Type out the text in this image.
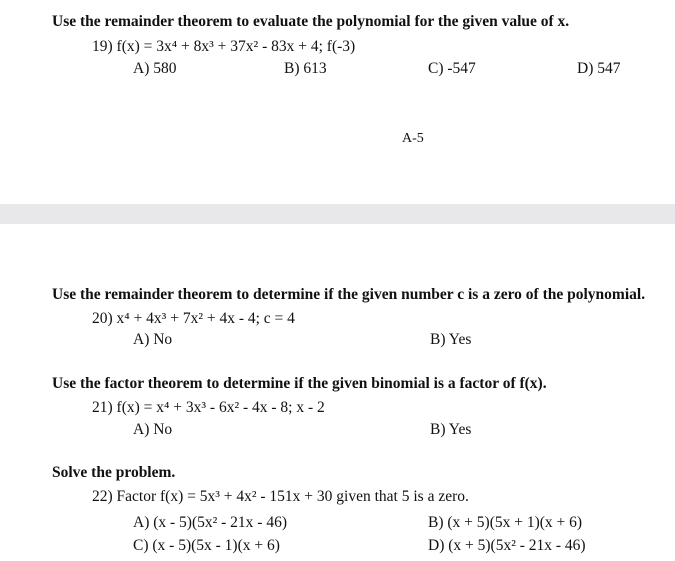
Use the remainder theorem to evaluate the polynomial for the given value of x.
19) f(x) = 3x⁴ + 8x³ + 37x² - 83x + 4; f(-3)
A) 580	B) 613	C) -547	D) 547
A-5
Use the remainder theorem to determine if the given number c is a zero of the polynomial.
20) x⁴ + 4x³ + 7x² + 4x - 4; c = 4
A) No	B) Yes
Use the factor theorem to determine if the given binomial is a factor of f(x).
21) f(x) = x⁴ + 3x³ - 6x² - 4x - 8; x - 2
A) No	B) Yes
Solve the problem.
22) Factor f(x) = 5x³ + 4x² - 151x + 30 given that 5 is a zero.
A) (x - 5)(5x² - 21x - 46)	B) (x + 5)(5x + 1)(x + 6)
C) (x - 5)(5x - 1)(x + 6)	D) (x + 5)(5x² - 21x - 46)
